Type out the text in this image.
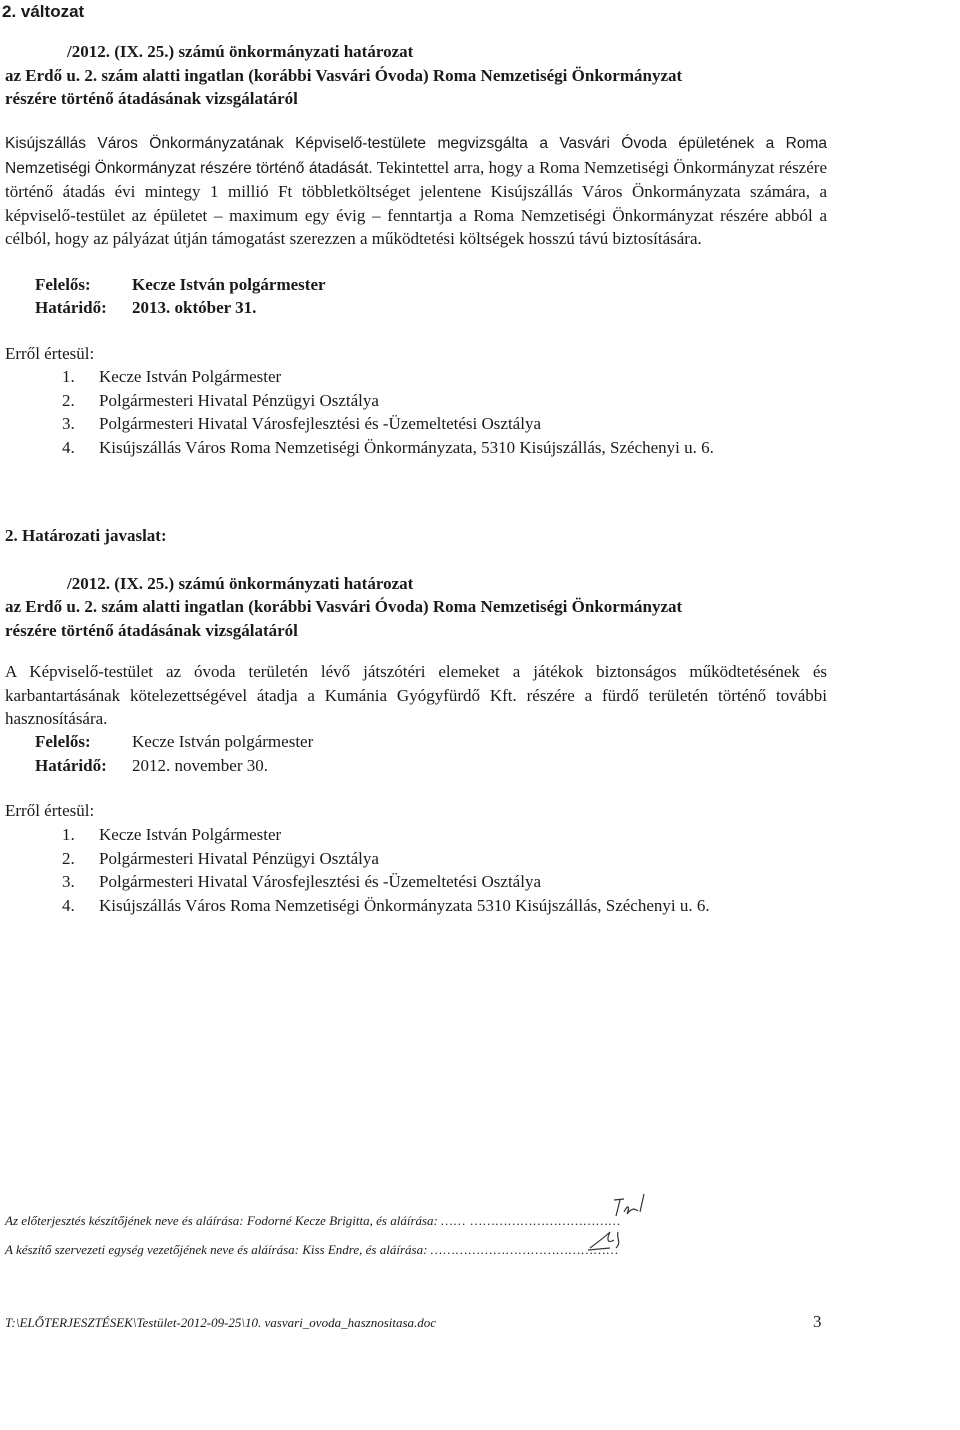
2. változat
/2012. (IX. 25.) számú önkormányzati határozat
az Erdő u. 2. szám alatti ingatlan (korábbi Vasvári Óvoda) Roma Nemzetiségi Önkormányzat
részére történő átadásának vizsgálatáról

Kisújszállás Város Önkormányzatának Képviselő-testülete megvizsgálta a Vasvári Óvoda épületének a Roma Nemzetiségi Önkormányzat részére történő átadását. Tekintettel arra, hogy a Roma Nemzetiségi Önkormányzat részére történő átadás évi mintegy 1 millió Ft többletköltséget jelentene Kisújszállás Város Önkormányzata számára, a képviselő-testület az épületet – maximum egy évig – fenntartja a Roma Nemzetiségi Önkormányzat részére abból a célból, hogy az pályázat útján támogatást szerezzen a működtetési költségek hosszú távú biztosítására.

Felelős: Kecze István polgármester
Határidő: 2013. október 31.
Erről értesül:
1.	Kecze István Polgármester
2.	Polgármesteri Hivatal Pénzügyi Osztálya
3.	Polgármesteri Hivatal Városfejlesztési és -Üzemeltetési Osztálya
4.	Kisújszállás Város Roma Nemzetiségi Önkormányzata, 5310 Kisújszállás, Széchenyi u. 6.
2. Határozati javaslat:
/2012. (IX. 25.) számú önkormányzati határozat
az Erdő u. 2. szám alatti ingatlan (korábbi Vasvári Óvoda) Roma Nemzetiségi Önkormányzat
részére történő átadásának vizsgálatáról

A Képviselő-testület az óvoda területén lévő játszótéri elemeket a játékok biztonságos működtetésének és karbantartásának kötelezettségével átadja a Kumánia Gyógyfürdő Kft. részére a fürdő területén történő további hasznosítására.

Felelős: Kecze István polgármester
Határidő: 2012. november 30.
Erről értesül:
1.	Kecze István Polgármester
2.	Polgármesteri Hivatal Pénzügyi Osztálya
3.	Polgármesteri Hivatal Városfejlesztési és -Üzemeltetési Osztálya
4.	Kisújszállás Város Roma Nemzetiségi Önkormányzata 5310 Kisújszállás, Széchenyi u. 6.
Az előterjesztés készítőjének neve és aláírása: Fodorné Kecze Brigitta, és aláírása: …… ………………………………
A készítő szervezeti egység vezetőjének neve és aláírása: Kiss Endre, és aláírása: ………………………………………
T:\ELŐTERJESZTÉSEK\Testület-2012-09-25\10. vasvari_ovoda_hasznositasa.doc	3
